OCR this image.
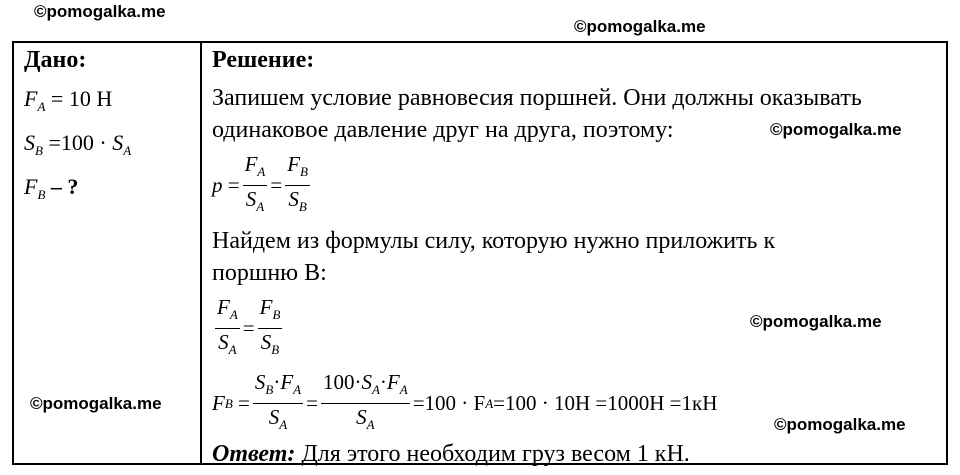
©pomogalka.me
©pomogalka.me
©pomogalka.me
©pomogalka.me
©pomogalka.me
©pomogalka.me
Дано:
$F_A = 10$ Н
$S_B =100 \cdot S_A$
$F_B$ – ?
Решение:
Запишем условие равновесия поршней. Они должны оказывать одинаковое давление друг на друга, поэтому:
$p = \frac{F_A}{S_A} = \frac{F_B}{S_B}$
Найдем из формулы силу, которую нужно приложить к поршню В:
$\frac{F_A}{S_A} = \frac{F_B}{S_B}$
F $B = \frac{S_B\cdot F_A}{S_A} = \frac{100\cdot S_A\cdot F_A}{S_A} =100 \cdot F$ A =100 · 10H =1000H =1кH
Ответ: Для этого необходим груз весом 1 кН.
